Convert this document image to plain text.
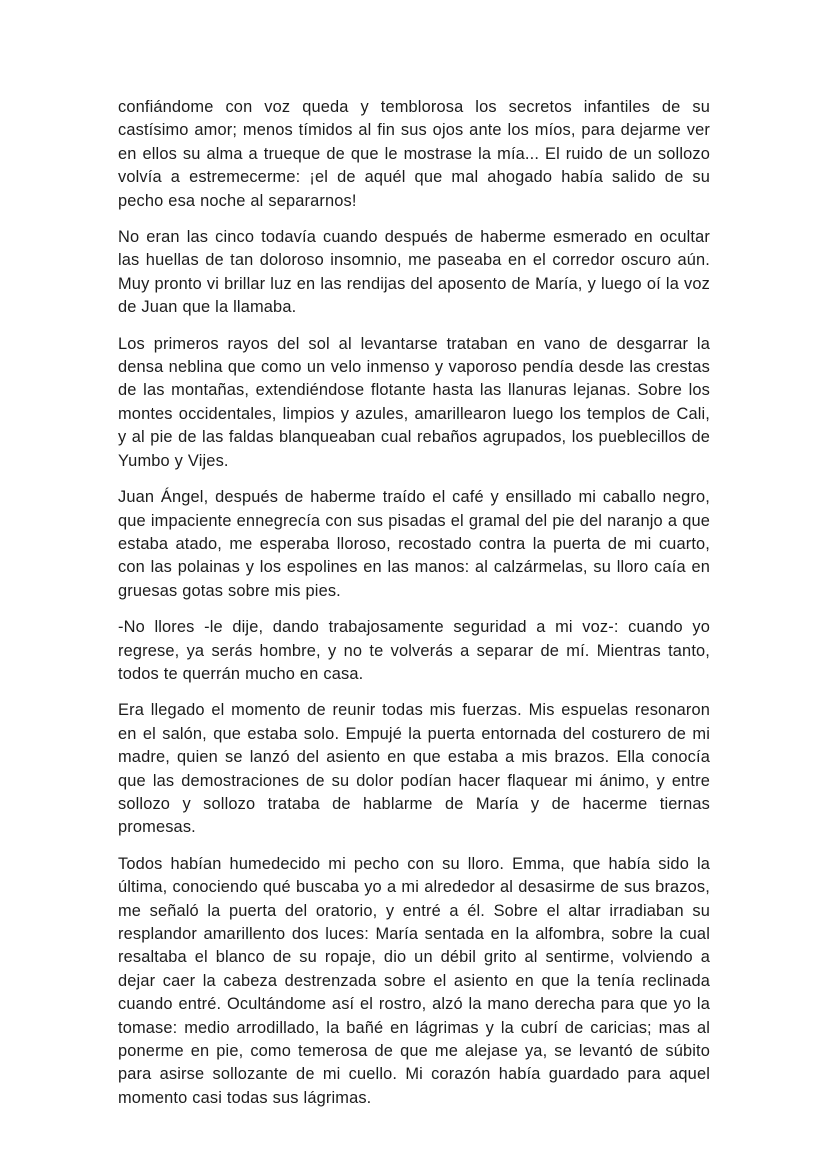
confiándome con voz queda y temblorosa los secretos infantiles de su castísimo amor; menos tímidos al fin sus ojos ante los míos, para dejarme ver en ellos su alma a trueque de que le mostrase la mía... El ruido de un sollozo volvía a estremecerme: ¡el de aquél que mal ahogado había salido de su pecho esa noche al separarnos!

No eran las cinco todavía cuando después de haberme esmerado en ocultar las huellas de tan doloroso insomnio, me paseaba en el corredor oscuro aún. Muy pronto vi brillar luz en las rendijas del aposento de María, y luego oí la voz de Juan que la llamaba.

Los primeros rayos del sol al levantarse trataban en vano de desgarrar la densa neblina que como un velo inmenso y vaporoso pendía desde las crestas de las montañas, extendiéndose flotante hasta las llanuras lejanas. Sobre los montes occidentales, limpios y azules, amarillearon luego los templos de Cali, y al pie de las faldas blanqueaban cual rebaños agrupados, los pueblecillos de Yumbo y Vijes.

Juan Ángel, después de haberme traído el café y ensillado mi caballo negro, que impaciente ennegrecía con sus pisadas el gramal del pie del naranjo a que estaba atado, me esperaba lloroso, recostado contra la puerta de mi cuarto, con las polainas y los espolines en las manos: al calzármelas, su lloro caía en gruesas gotas sobre mis pies.

-No llores -le dije, dando trabajosamente seguridad a mi voz-: cuando yo regrese, ya serás hombre, y no te volverás a separar de mí. Mientras tanto, todos te querrán mucho en casa.

Era llegado el momento de reunir todas mis fuerzas. Mis espuelas resonaron en el salón, que estaba solo. Empujé la puerta entornada del costurero de mi madre, quien se lanzó del asiento en que estaba a mis brazos. Ella conocía que las demostraciones de su dolor podían hacer flaquear mi ánimo, y entre sollozo y sollozo trataba de hablarme de María y de hacerme tiernas promesas.

Todos habían humedecido mi pecho con su lloro. Emma, que había sido la última, conociendo qué buscaba yo a mi alrededor al desasirme de sus brazos, me señaló la puerta del oratorio, y entré a él. Sobre el altar irradiaban su resplandor amarillento dos luces: María sentada en la alfombra, sobre la cual resaltaba el blanco de su ropaje, dio un débil grito al sentirme, volviendo a dejar caer la cabeza destrenzada sobre el asiento en que la tenía reclinada cuando entré. Ocultándome así el rostro, alzó la mano derecha para que yo la tomase: medio arrodillado, la bañé en lágrimas y la cubrí de caricias; mas al ponerme en pie, como temerosa de que me alejase ya, se levantó de súbito para asirse sollozante de mi cuello. Mi corazón había guardado para aquel momento casi todas sus lágrimas.
